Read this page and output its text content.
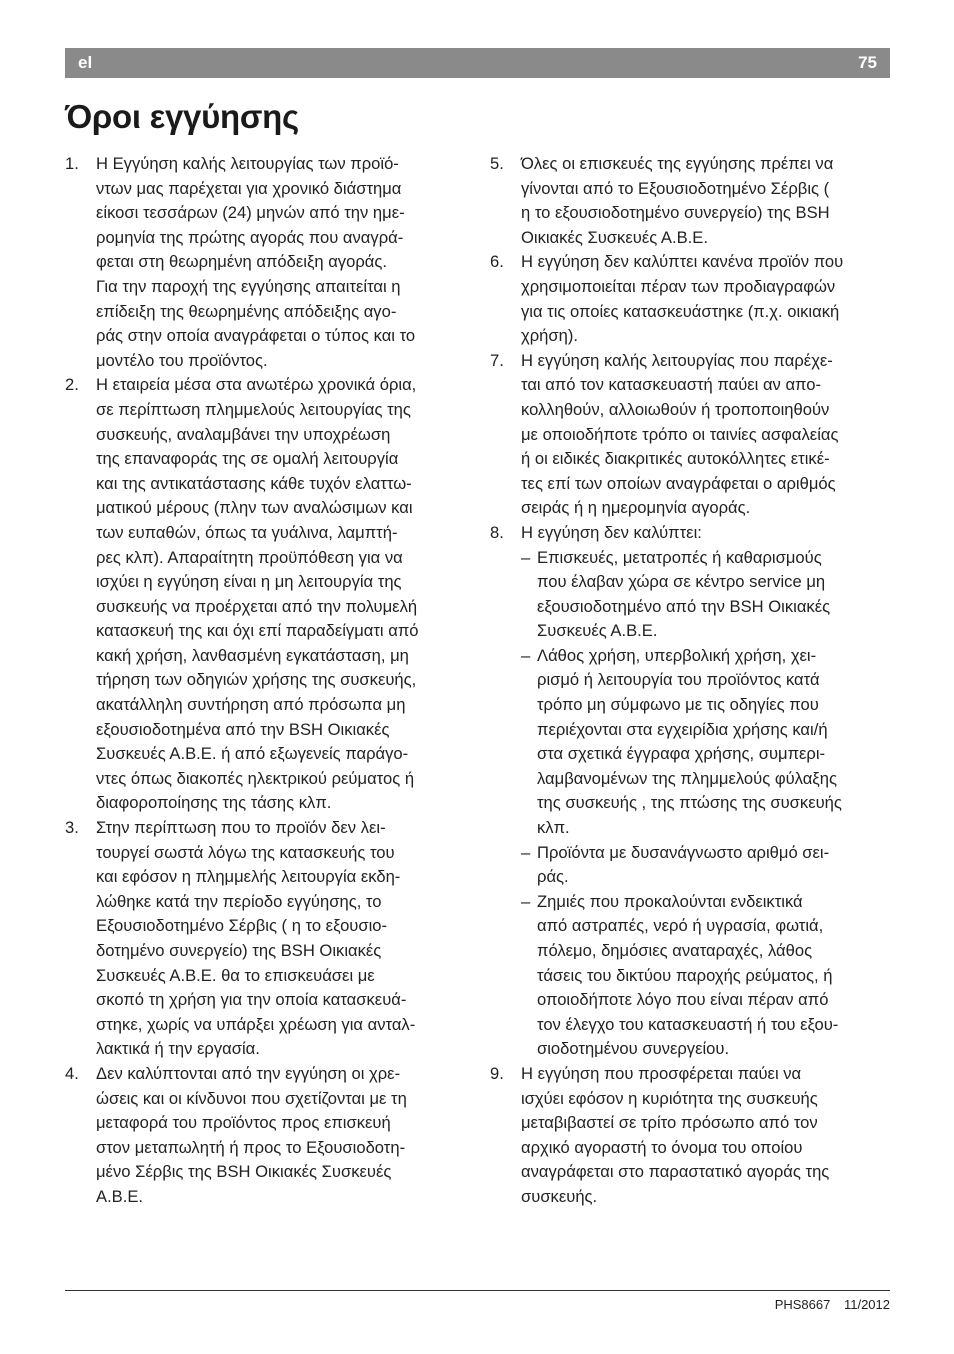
el	75
Όροι εγγύησης
1. Η Εγγύηση καλής λειτουργίας των προϊό-
ντων μας παρέχεται για χρονικό διάστημα
είκοσι τεσσάρων (24) μηνών από την ημε-
ρομηνία της πρώτης αγοράς που αναγρά-
φεται στη θεωρημένη απόδειξη αγοράς.
Για την παροχή της εγγύησης απαιτείται η
επίδειξη της θεωρημένης απόδειξης αγο-
ράς στην οποία αναγράφεται ο τύπος και το
μοντέλο του προϊόντος.
2. Η εταιρεία μέσα στα ανωτέρω χρονικά όρια,
σε περίπτωση πλημμελούς λειτουργίας της
συσκευής, αναλαμβάνει την υποχρέωση
της επαναφοράς της σε ομαλή λειτουργία
και της αντικατάστασης κάθε τυχόν ελαττω-
ματικού μέρους (πλην των αναλώσιμων και
των ευπαθών, όπως τα γυάλινα, λαμπτή-
ρες κλπ). Απαραίτητη προϋπόθεση για να
ισχύει η εγγύηση είναι η μη λειτουργία της
συσκευής να προέρχεται από την πολυμελή
κατασκευή της και όχι επί παραδείγματι από
κακή χρήση, λανθασμένη εγκατάσταση, μη
τήρηση των οδηγιών χρήσης της συσκευής,
ακατάλληλη συντήρηση από πρόσωπα μη
εξουσιοδοτημένα από την BSH Οικιακές
Συσκευές Α.Β.Ε. ή από εξωγενείς παράγο-
ντες όπως διακοπές ηλεκτρικού ρεύματος ή
διαφοροποίησης της τάσης κλπ.
3. Στην περίπτωση που το προϊόν δεν λει-
τουργεί σωστά λόγω της κατασκευής του
και εφόσον η πλημμελής λειτουργία εκδη-
λώθηκε κατά την περίοδο εγγύησης, το
Εξουσιοδοτημένο Σέρβις ( η το εξουσιο-
δοτημένο συνεργείο) της BSH Οικιακές
Συσκευές Α.Β.Ε. θα το επισκευάσει με
σκοπό τη χρήση για την οποία κατασκευά-
στηκε, χωρίς να υπάρξει χρέωση για ανταλ-
λακτικά ή την εργασία.
4. Δεν καλύπτονται από την εγγύηση οι χρε-
ώσεις και οι κίνδυνοι που σχετίζονται με τη
μεταφορά του προϊόντος προς επισκευή
στον μεταπωλητή ή προς το Εξουσιοδοτη-
μένο Σέρβις της BSH Οικιακές Συσκευές
Α.Β.Ε.
5. Όλες οι επισκευές της εγγύησης πρέπει να
γίνονται από το Εξουσιοδοτημένο Σέρβις (
η το εξουσιοδοτημένο συνεργείο) της BSH
Οικιακές Συσκευές Α.Β.Ε.
6. Η εγγύηση δεν καλύπτει κανένα προϊόν που
χρησιμοποιείται πέραν των προδιαγραφών
για τις οποίες κατασκευάστηκε (π.χ. οικιακή
χρήση).
7. Η εγγύηση καλής λειτουργίας που παρέχε-
ται από τον κατασκευαστή παύει αν απο-
κολληθούν, αλλοιωθούν ή τροποποιηθούν
με οποιοδήποτε τρόπο οι ταινίες ασφαλείας
ή οι ειδικές διακριτικές αυτοκόλλητες ετικέ-
τες επί των οποίων αναγράφεται ο αριθμός
σειράς ή η ημερομηνία αγοράς.
8. Η εγγύηση δεν καλύπτει:
– Επισκευές, μετατροπές ή καθαρισμούς
που έλαβαν χώρα σε κέντρο service μη
εξουσιοδοτημένο από την BSH Οικιακές
Συσκευές Α.Β.Ε.
– Λάθος χρήση, υπερβολική χρήση, χει-
ρισμό ή λειτουργία του προϊόντος κατά
τρόπο μη σύμφωνο με τις οδηγίες που
περιέχονται στα εγχειρίδια χρήσης και/ή
στα σχετικά έγγραφα χρήσης, συμπερι-
λαμβανομένων της πλημμελούς φύλαξης
της συσκευής , της πτώσης της συσκευής
κλπ.
– Προϊόντα με δυσανάγνωστο αριθμό σει-
ράς.
– Ζημιές που προκαλούνται ενδεικτικά
από αστραπές, νερό ή υγρασία, φωτιά,
πόλεμο, δημόσιες αναταραχές, λάθος
τάσεις του δικτύου παροχής ρεύματος, ή
οποιοδήποτε λόγο που είναι πέραν από
τον έλεγχο του κατασκευαστή ή του εξου-
σιοδοτημένου συνεργείου.
9. Η εγγύηση που προσφέρεται παύει να
ισχύει εφόσον η κυριότητα της συσκευής
μεταβιβαστεί σε τρίτο πρόσωπο από τον
αρχικό αγοραστή το όνομα του οποίου
αναγράφεται στο παραστατικό αγοράς της
συσκευής.
PHS8667 11/2012
